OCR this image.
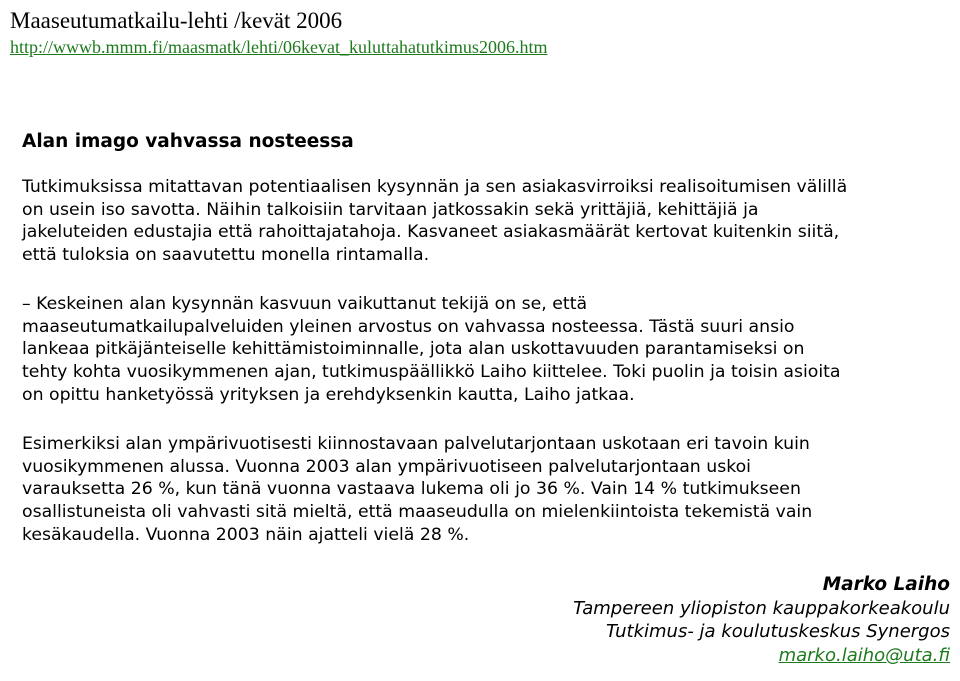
Maaseutumatkailu-lehti /kevät 2006
http://wwwb.mmm.fi/maasmatk/lehti/06kevat_kuluttahatutkimus2006.htm
Alan imago vahvassa nosteessa

Tutkimuksissa mitattavan potentiaalisen kysynnän ja sen asiakasvirroiksi realisoitumisen välillä
on usein iso savotta. Näihin talkoisiin tarvitaan jatkossakin sekä yrittäjiä, kehittäjiä ja
jakeluteiden edustajia että rahoittajatahoja. Kasvaneet asiakasmäärät kertovat kuitenkin siitä,
että tuloksia on saavutettu monella rintamalla.

– Keskeinen alan kysynnän kasvuun vaikuttanut tekijä on se, että
maaseutumatkailupalveluiden yleinen arvostus on vahvassa nosteessa. Tästä suuri ansio
lankeaa pitkäjänteiselle kehittämistoiminnalle, jota alan uskottavuuden parantamiseksi on
tehty kohta vuosikymmenen ajan, tutkimuspäällikkö Laiho kiittelee. Toki puolin ja toisin asioita
on opittu hanketyössä yrityksen ja erehdyksenkin kautta, Laiho jatkaa.

Esimerkiksi alan ympärivuotisesti kiinnostavaan palvelutarjontaan uskotaan eri tavoin kuin
vuosikymmenen alussa. Vuonna 2003 alan ympärivuotiseen palvelutarjontaan uskoi
varauksetta 26 %, kun tänä vuonna vastaava lukema oli jo 36 %. Vain 14 % tutkimukseen
osallistuneista oli vahvasti sitä mieltä, että maaseudulla on mielenkiintoista tekemistä vain
kesäkaudella. Vuonna 2003 näin ajatteli vielä 28 %.

Marko Laiho
Tampereen yliopiston kauppakorkeakoulu
Tutkimus- ja koulutuskeskus Synergos
marko.laiho@uta.fi
